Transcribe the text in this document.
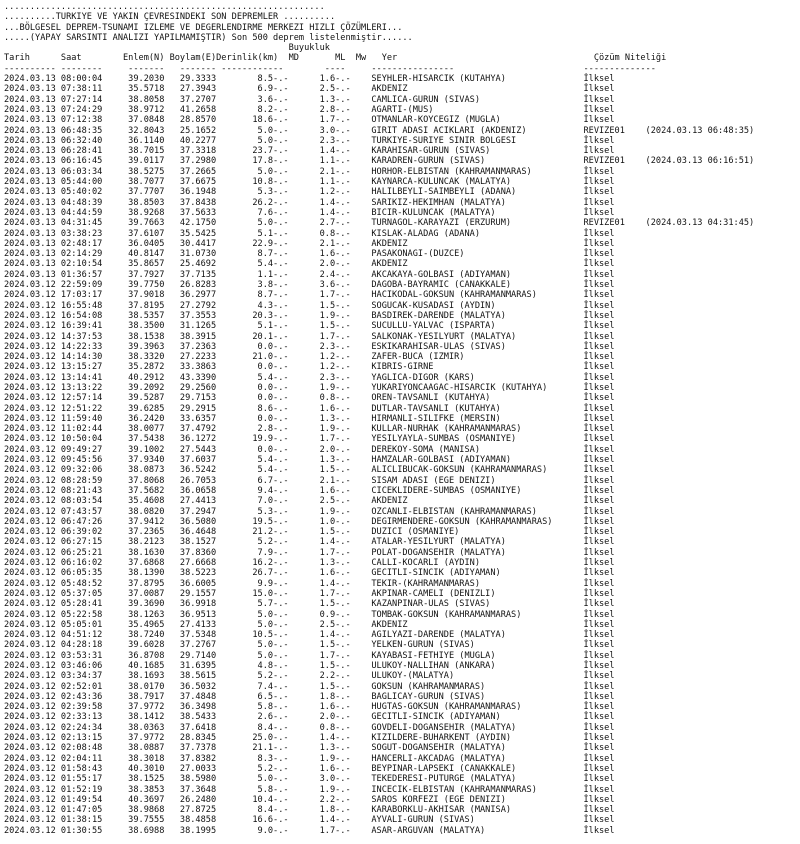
..............................................................
..........TURKIYE VE YAKIN ÇEVRESINDEKI SON DEPREMLER ..........
...BÖLGESEL DEPREM-TSUNAMI IZLEME VE DEGERLENDIRME MERKEZI HIZLI ÇÖZÜMLERI...
.....(YAPAY SARSINTI ANALIZI YAPILMAMIŞTIR) Son 500 deprem listelenmiştir......
Buyukluk
Tarih      Saat        Enlem(N) Boylam(E)Derinlik(km)  MD       ML  Mw   Yer                                      Çözüm Niteliği
---------- --------     -------   ------- ------------        ----     ----------------                         --------------
2024.03.13 08:00:04     39.2030   29.3333        8.5-.-      1.6-.-    SEYHLER-HISARCIK (KUTAHYA)               İlksel
2024.03.13 07:38:11     35.5718   27.3943        6.9-.-      2.5-.-    AKDENIZ                                  İlksel
2024.03.13 07:27:14     38.8058   37.2707        3.6-.-      1.3-.-    CAMLICA-GURUN (SIVAS)                    İlksel
2024.03.13 07:24:29     38.9712   41.2658        8.2-.-      2.8-.-    AGARTI-(MUS)                             İlksel
2024.03.13 07:12:38     37.0848   28.8570       18.6-.-      1.7-.-    OTMANLAR-KOYCEGIZ (MUGLA)                İlksel
2024.03.13 06:48:35     32.8043   25.1652        5.0-.-      3.0-.-    GIRIT ADASI ACIKLARI (AKDENIZ)           REVIZE01    (2024.03.13 06:48:35)
2024.03.13 06:32:40     36.1140   40.2277        5.0-.-      2.3-.-    TURKIYE-SURIYE SINIR BOLGESI             İlksel
2024.03.13 06:28:41     38.7015   37.3318       23.7-.-      1.4-.-    KARAHISAR-GURUN (SIVAS)                  İlksel
2024.03.13 06:16:45     39.0117   37.2980       17.8-.-      1.1-.-    KARADREN-GURUN (SIVAS)                   REVIZE01    (2024.03.13 06:16:51)
2024.03.13 06:03:34     38.5275   37.2665        5.0-.-      2.1-.-    HORHOR-ELBISTAN (KAHRAMANMARAS)          İlksel
2024.03.13 05:44:00     38.7077   37.6675       10.8-.-      1.1-.-    KAYNARCA-KULUNCAK (MALATYA)              İlksel
2024.03.13 05:40:02     37.7707   36.1948        5.3-.-      1.2-.-    HALILBEYLI-SAIMBEYLI (ADANA)             İlksel
2024.03.13 04:48:39     38.8503   37.8438       26.2-.-      1.4-.-    SARIKIZ-HEKIMHAN (MALATYA)               İlksel
2024.03.13 04:44:59     38.9268   37.5633        7.6-.-      1.4-.-    BICIR-KULUNCAK (MALATYA)                 İlksel
2024.03.13 04:31:45     39.7663   42.1750        5.0-.-      2.7-.-    TURNAGOL-KARAYAZI (ERZURUM)              REVIZE01    (2024.03.13 04:31:45)
2024.03.13 03:38:23     37.6107   35.5425        5.1-.-      0.8-.-    KISLAK-ALADAG (ADANA)                    İlksel
2024.03.13 02:48:17     36.0405   30.4417       22.9-.-      2.1-.-    AKDENIZ                                  İlksel
2024.03.13 02:14:29     40.8147   31.0730        8.7-.-      1.6-.-    PASAKONAGI-(DUZCE)                       İlksel
2024.03.13 02:10:54     35.8657   25.4692        5.4-.-      2.0-.-    AKDENIZ                                  İlksel
2024.03.13 01:36:57     37.7927   37.7135        1.1-.-      2.4-.-    AKCAKAYA-GOLBASI (ADIYAMAN)              İlksel
2024.03.12 22:59:09     39.7750   26.8283        3.8-.-      3.6-.-    DAGOBA-BAYRAMIC (CANAKKALE)              İlksel
2024.03.12 17:03:17     37.9018   36.2977        8.7-.-      1.7-.-    HACIKODAL-GOKSUN (KAHRAMANMARAS)         İlksel
2024.03.12 16:55:48     37.8195   27.2792        4.3-.-      1.5-.-    SOGUCAK-KUSADASI (AYDIN)                 İlksel
2024.03.12 16:54:08     38.5357   37.3553       20.3-.-      1.9-.-    BASDIREK-DARENDE (MALATYA)               İlksel
2024.03.12 16:39:41     38.3500   31.1265        5.1-.-      1.5-.-    SUCULLU-YALVAC (ISPARTA)                 İlksel
2024.03.12 14:37:53     38.1538   38.3915       20.1-.-      1.7-.-    SALKONAK-YESILYURT (MALATYA)             İlksel
2024.03.12 14:22:33     39.3963   37.2363        0.0-.-      2.3-.-    ESKIKARAHISAR-ULAS (SIVAS)               İlksel
2024.03.12 14:14:30     38.3320   27.2233       21.0-.-      1.2-.-    ZAFER-BUCA (IZMIR)                       İlksel
2024.03.12 13:15:27     35.2872   33.3863        0.0-.-      1.2-.-    KIBRIS-GIRNE                             İlksel
2024.03.12 13:14:41     40.2912   43.3390        5.4-.-      2.3-.-    YAGLICA-DIGOR (KARS)                     İlksel
2024.03.12 13:13:22     39.2092   29.2560        0.0-.-      1.9-.-    YUKARIYONCAAGAC-HISARCIK (KUTAHYA)       İlksel
2024.03.12 12:57:14     39.5287   29.7153        0.0-.-      0.8-.-    OREN-TAVSANLI (KUTAHYA)                  İlksel
2024.03.12 12:51:22     39.6285   29.2915        8.6-.-      1.6-.-    DUTLAR-TAVSANLI (KUTAHYA)                İlksel
2024.03.12 11:59:40     36.2420   33.6357        0.0-.-      1.3-.-    HIRMANLI-SILIFKE (MERSIN)                İlksel
2024.03.12 11:02:44     38.0077   37.4792        2.8-.-      1.9-.-    KULLAR-NURHAK (KAHRAMANMARAS)            İlksel
2024.03.12 10:50:04     37.5438   36.1272       19.9-.-      1.7-.-    YESILYAYLA-SUMBAS (OSMANIYE)             İlksel
2024.03.12 09:49:27     39.1002   27.5443        0.0-.-      2.0-.-    DEREKOY-SOMA (MANISA)                    İlksel
2024.03.12 09:45:56     37.9340   37.6037        5.4-.-      1.3-.-    HAMZALAR-GOLBASI (ADIYAMAN)              İlksel
2024.03.12 09:32:06     38.0873   36.5242        5.4-.-      1.5-.-    ALICLIBUCAK-GOKSUN (KAHRAMANMARAS)       İlksel
2024.03.12 08:28:59     37.8068   26.7053        6.7-.-      2.1-.-    SISAM ADASI (EGE DENIZI)                 İlksel
2024.03.12 08:21:43     37.5682   36.0658        9.4-.-      1.6-.-    CICEKLIDERE-SUMBAS (OSMANIYE)            İlksel
2024.03.12 08:03:54     35.4608   27.4413        7.0-.-      2.5-.-    AKDENIZ                                  İlksel
2024.03.12 07:43:57     38.0820   37.2947        5.3-.-      1.9-.-    OZCANLI-ELBISTAN (KAHRAMANMARAS)         İlksel
2024.03.12 06:47:26     37.9412   36.5080       19.5-.-      1.0-.-    DEGIRMENDERE-GOKSUN (KAHRAMANMARAS)      İlksel
2024.03.12 06:39:02     37.2365   36.4648       21.2-.-      1.5-.-    DUZICI (OSMANIYE)                        İlksel
2024.03.12 06:27:15     38.2123   38.1527        5.2-.-      1.4-.-    ATALAR-YESILYURT (MALATYA)               İlksel
2024.03.12 06:25:21     38.1630   37.8360        7.9-.-      1.7-.-    POLAT-DOGANSEHIR (MALATYA)               İlksel
2024.03.12 06:16:02     37.6868   27.6668       16.2-.-      1.3-.-    CALLI-KOCARLI (AYDIN)                    İlksel
2024.03.12 06:05:35     38.1390   38.5223       26.7-.-      1.6-.-    GECITLI-SINCIK (ADIYAMAN)                İlksel
2024.03.12 05:48:52     37.8795   36.6005        9.9-.-      1.4-.-    TEKIR-(KAHRAMANMARAS)                    İlksel
2024.03.12 05:37:05     37.0087   29.1557       15.0-.-      1.7-.-    AKPINAR-CAMELI (DENIZLI)                 İlksel
2024.03.12 05:28:41     39.3690   36.9918        5.7-.-      1.5-.-    KAZANPINAR-ULAS (SIVAS)                  İlksel
2024.03.12 05:22:58     38.1263   36.9513        5.0-.-      0.9-.-    TOMBAK-GOKSUN (KAHRAMANMARAS)            İlksel
2024.03.12 05:05:01     35.4965   27.4133        5.0-.-      2.5-.-    AKDENIZ                                  İlksel
2024.03.12 04:51:12     38.7240   37.5348       10.5-.-      1.4-.-    AGILYAZI-DARENDE (MALATYA)               İlksel
2024.03.12 04:28:18     39.6028   37.2767        5.0-.-      1.5-.-    YELKEN-GURUN (SIVAS)                     İlksel
2024.03.12 03:53:31     36.8708   29.7140        5.0-.-      1.7-.-    KAYABASI-FETHIYE (MUGLA)                 İlksel
2024.03.12 03:46:06     40.1685   31.6395        4.8-.-      1.5-.-    ULUKOY-NALLIHAN (ANKARA)                 İlksel
2024.03.12 03:34:37     38.1693   38.5615        5.2-.-      2.2-.-    ULUKOY-(MALATYA)                         İlksel
2024.03.12 02:52:01     38.0170   36.5032        7.4-.-      1.5-.-    GOKSUN (KAHRAMANMARAS)                   İlksel
2024.03.12 02:43:36     38.7917   37.4848        6.5-.-      1.8-.-    BAGLICAY-GURUN (SIVAS)                   İlksel
2024.03.12 02:39:58     37.9772   36.3498        5.8-.-      1.6-.-    HUGTAS-GOKSUN (KAHRAMANMARAS)            İlksel
2024.03.12 02:33:13     38.1412   38.5433        2.6-.-      2.0-.-    GECITLI-SINCIK (ADIYAMAN)                İlksel
2024.03.12 02:24:34     38.0363   37.6418        8.4-.-      0.8-.-    GOVDELI-DOGANSEHIR (MALATYA)             İlksel
2024.03.12 02:13:15     37.9772   28.8345       25.0-.-      1.4-.-    KIZILDERE-BUHARKENT (AYDIN)              İlksel
2024.03.12 02:08:48     38.0887   37.7378       21.1-.-      1.3-.-    SOGUT-DOGANSEHIR (MALATYA)               İlksel
2024.03.12 02:04:11     38.3018   37.8382        8.3-.-      1.9-.-    HANCERLI-AKCADAG (MALATYA)               İlksel
2024.03.12 01:58:43     40.3010   27.0033        5.2-.-      1.6-.-    BEYPINAR-LAPSEKI (CANAKKALE)             İlksel
2024.03.12 01:55:17     38.1525   38.5980        5.0-.-      3.0-.-    TEKEDERESI-PUTURGE (MALATYA)             İlksel
2024.03.12 01:52:19     38.3853   37.3648        5.8-.-      1.9-.-    INCECIK-ELBISTAN (KAHRAMANMARAS)         İlksel
2024.03.12 01:49:54     40.3697   26.2480       10.4-.-      2.2-.-    SAROS KORFEZI (EGE DENIZI)               İlksel
2024.03.12 01:47:05     38.9868   27.8725        8.4-.-      1.8-.-    KARABORKLU-AKHISAR (MANISA)              İlksel
2024.03.12 01:38:15     39.7555   38.4858       16.6-.-      1.4-.-    AYVALI-GURUN (SIVAS)                     İlksel
2024.03.12 01:30:55     38.6988   38.1995        9.0-.-      1.7-.-    ASAR-ARGUVAN (MALATYA)                   İlksel
